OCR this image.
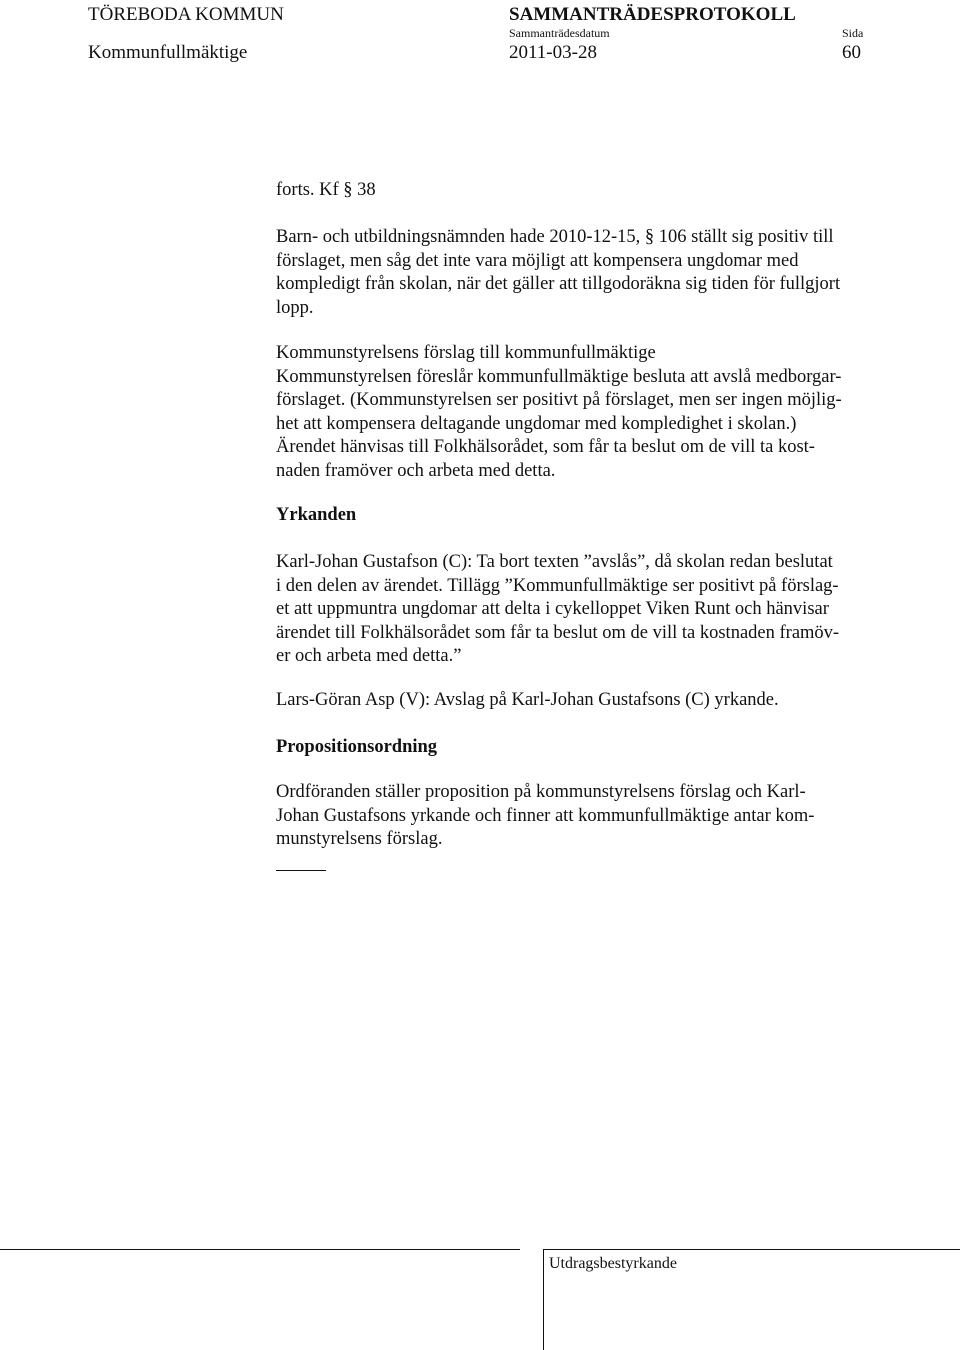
TÖREBODA KOMMUN	SAMMANTRÄDESPROTOKOLL
Sammanträdesdatum	Sida
Kommunfullmäktige	2011-03-28	60
forts. Kf § 38
Barn- och utbildningsnämnden hade 2010-12-15, § 106 ställt sig positiv till
förslaget, men såg det inte vara möjligt att kompensera ungdomar med
kompledigt från skolan, när det gäller att tillgodoräkna sig tiden för fullgjort
lopp.
Kommunstyrelsens förslag till kommunfullmäktige
Kommunstyrelsen föreslår kommunfullmäktige besluta att avslå medborgar-
förslaget. (Kommunstyrelsen ser positivt på förslaget, men ser ingen möjlig-
het att kompensera deltagande ungdomar med kompledighet i skolan.)
Ärendet hänvisas till Folkhälsorådet, som får ta beslut om de vill ta kost-
naden framöver och arbeta med detta.
Yrkanden
Karl-Johan Gustafson (C): Ta bort texten ”avslås”, då skolan redan beslutat
i den delen av ärendet. Tillägg ”Kommunfullmäktige ser positivt på förslag-
et att uppmuntra ungdomar att delta i cykelloppet Viken Runt och hänvisar
ärendet till Folkhälsorådet som får ta beslut om de vill ta kostnaden framöv-
er och arbeta med detta.”
Lars-Göran Asp (V): Avslag på Karl-Johan Gustafsons (C) yrkande.
Propositionsordning
Ordföranden ställer proposition på kommunstyrelsens förslag och Karl-
Johan Gustafsons yrkande och finner att kommunfullmäktige antar kom-
munstyrelsens förslag.
Utdragsbestyrkande
